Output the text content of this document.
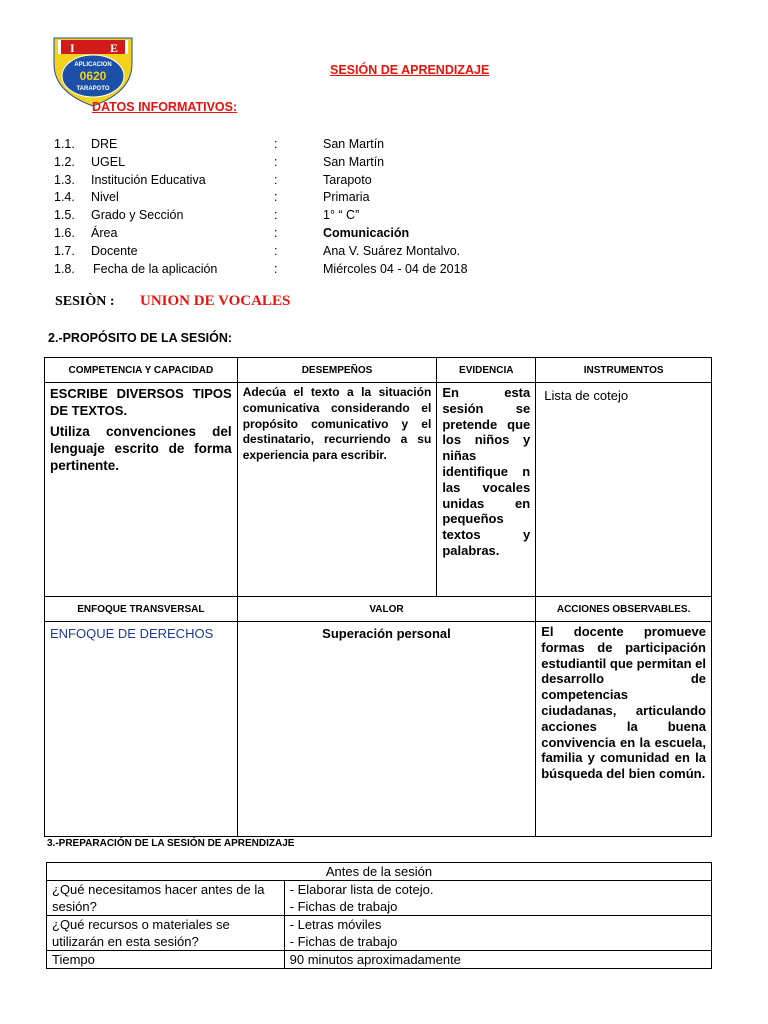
I	E
APLICACION
0620
TARAPOTO
SESIÓN DE APRENDIZAJE
DATOS INFORMATIVOS:
1.1. DRE	:	San Martín
1.2. UGEL	:	San Martín
1.3. Institución Educativa	:	Tarapoto
1.4. Nivel	:	Primaria
1.5. Grado y Sección	:	1° “ C”
1.6. Área	:	Comunicación
1.7. Docente	:	Ana V. Suárez Montalvo.
1.8. Fecha de la aplicación	:	Miércoles 04 - 04 de 2018
SESIÒN : UNION DE VOCALES
2.-PROPÓSITO DE LA SESIÓN:
COMPETENCIA Y CAPACIDAD	DESEMPEÑOS	EVIDENCIA	INSTRUMENTOS

ESCRIBE DIVERSOS TIPOS DE TEXTOS.
Utiliza convenciones del lenguaje escrito de forma pertinente.	Adecúa el texto a la situación comunicativa considerando el propósito comunicativo y el destinatario, recurriendo a su experiencia para escribir.	En esta sesión se pretende que los niños y niñas identifique n las vocales unidas en pequeños textos y palabras.	Lista de cotejo

ENFOQUE TRANSVERSAL	VALOR		ACCIONES OBSERVABLES.

ENFOQUE DE DERECHOS	Superación personal		El docente promueve formas de participación estudiantil que permitan el desarrollo de competencias ciudadanas, articulando acciones la buena convivencia en la escuela, familia y comunidad en la búsqueda del bien común.
3.-PREPARACIÓN DE LA SESIÓN DE APRENDIZAJE
Antes de la sesión	
¿Qué necesitamos hacer antes de la sesión?	- Elaborar lista de cotejo.
- Fichas de trabajo

¿Qué recursos o materiales se utilizarán en esta sesión?	- Letras móviles
- Fichas de trabajo

Tiempo	90 minutos aproximadamente
